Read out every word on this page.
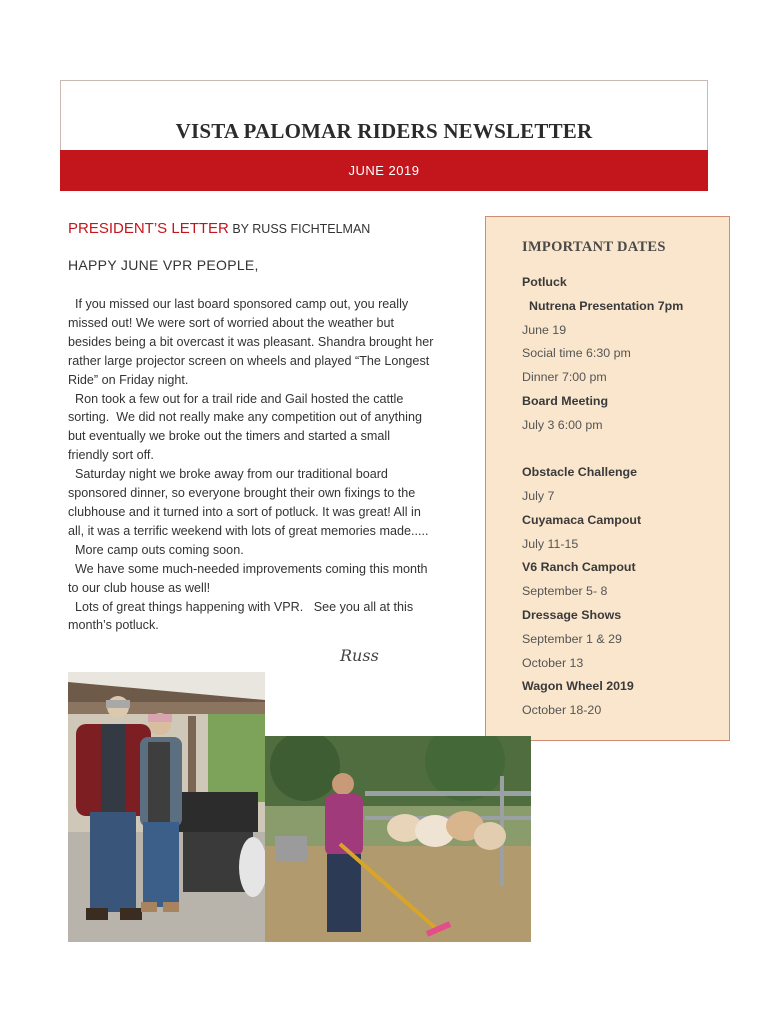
VISTA PALOMAR RIDERS NEWSLETTER
JUNE 2019
PRESIDENT’S LETTER BY RUSS FICHTELMAN
HAPPY JUNE VPR PEOPLE,

If you missed our last board sponsored camp out, you really

missed out! We were sort of worried about the weather but

besides being a bit overcast it was pleasant. Shandra brought her

rather large projector screen on wheels and played “The Longest

Ride” on Friday night.

Ron took a few out for a trail ride and Gail hosted the cattle

sorting.  We did not really make any competition out of anything

but eventually we broke out the timers and started a small

friendly sort off.

Saturday night we broke away from our traditional board

sponsored dinner, so everyone brought their own fixings to the

clubhouse and it turned into a sort of potluck. It was great! All in

all, it was a terrific weekend with lots of great memories made.....

More camp outs coming soon.

We have some much-needed improvements coming this month

to our club house as well!

Lots of great things happening with VPR.   See you all at this

month’s potluck.

Russ
IMPORTANT DATES
Potluck
Nutrena Presentation 7pm
June 19
Social time 6:30 pm
Dinner 7:00 pm
Board Meeting
July 3 6:00 pm
Obstacle Challenge
July 7
Cuyamaca Campout
July 11-15
V6 Ranch Campout
September 5- 8
Dressage Shows
September 1 & 29
October 13
Wagon Wheel 2019
October 18-20
